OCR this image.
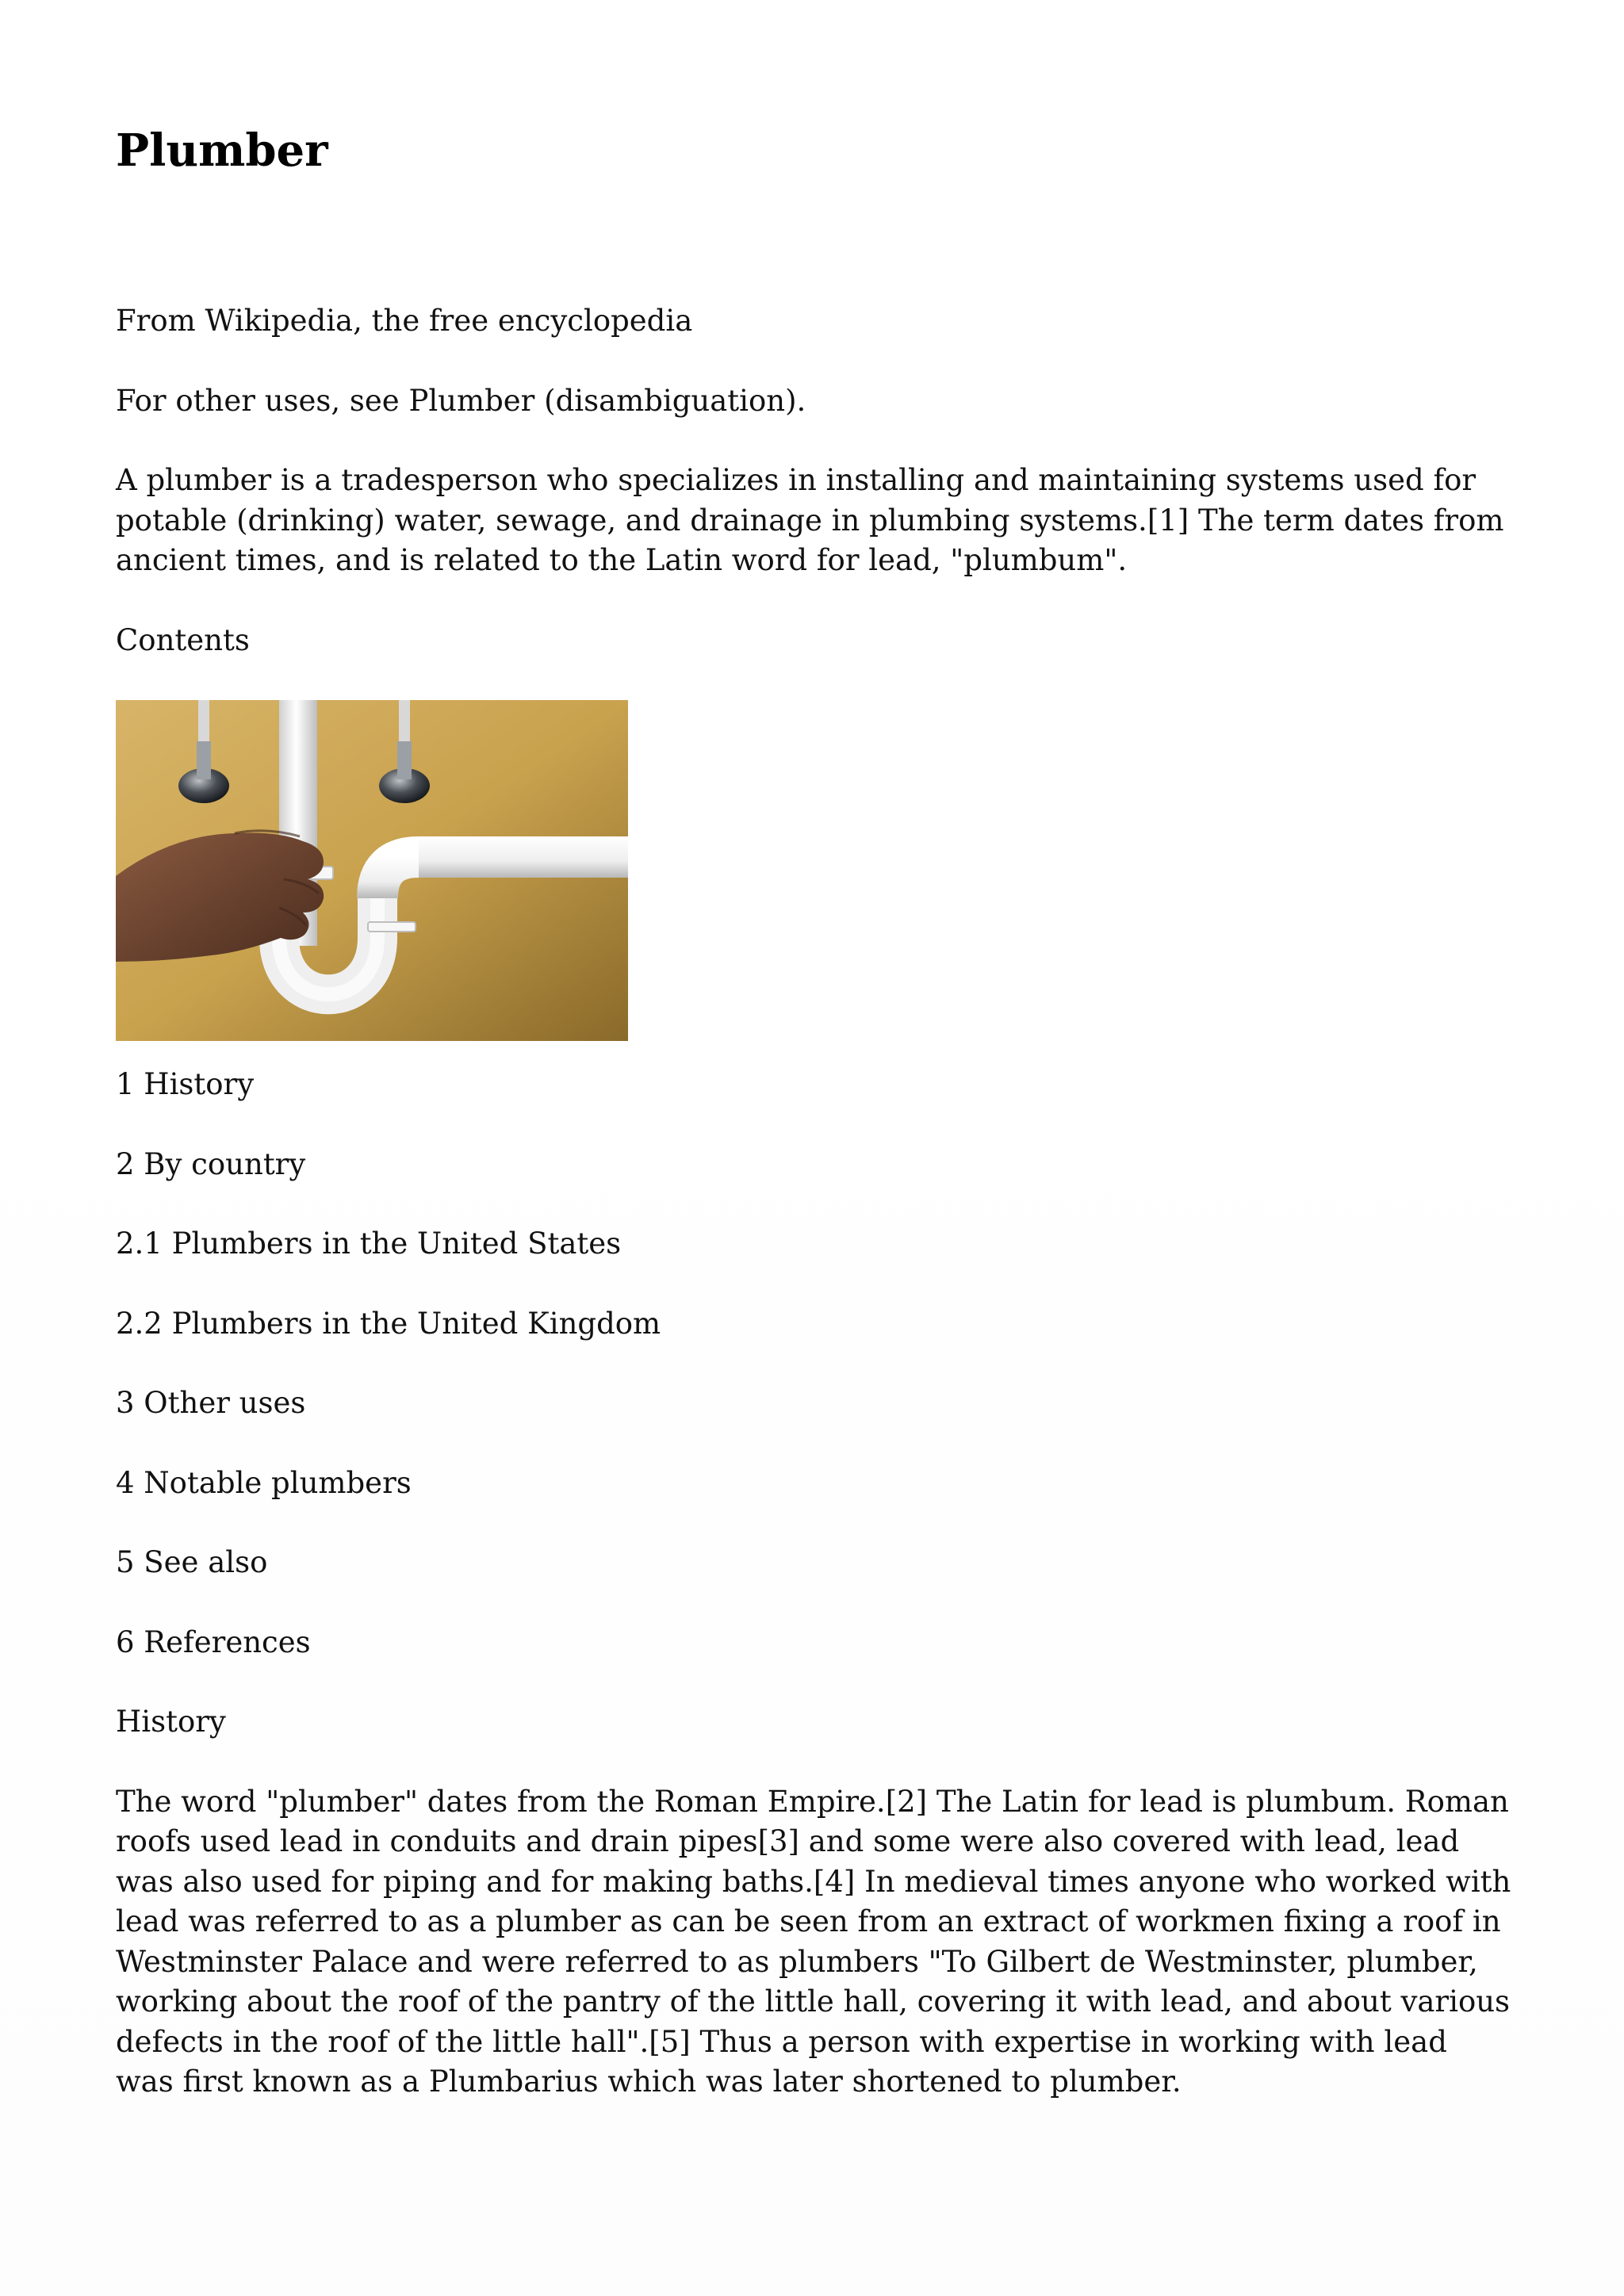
Plumber

From Wikipedia, the free encyclopedia

For other uses, see Plumber (disambiguation).

A plumber is a tradesperson who specializes in installing and maintaining systems used for potable (drinking) water, sewage, and drainage in plumbing systems.[1] The term dates from ancient times, and is related to the Latin word for lead, "plumbum".

Contents

1 History

2 By country

2.1 Plumbers in the United States

2.2 Plumbers in the United Kingdom

3 Other uses

4 Notable plumbers

5 See also

6 References

History

The word "plumber" dates from the Roman Empire.[2] The Latin for lead is plumbum. Roman roofs used lead in conduits and drain pipes[3] and some were also covered with lead, lead was also used for piping and for making baths.[4] In medieval times anyone who worked with lead was referred to as a plumber as can be seen from an extract of workmen fixing a roof in Westminster Palace and were referred to as plumbers "To Gilbert de Westminster, plumber, working about the roof of the pantry of the little hall, covering it with lead, and about various defects in the roof of the little hall".[5] Thus a person with expertise in working with lead was first known as a Plumbarius which was later shortened to plumber.
